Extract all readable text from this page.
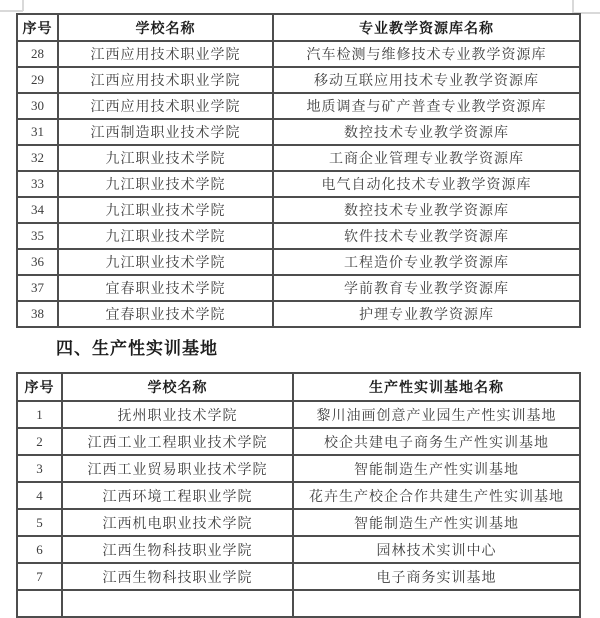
序号	学校名称	专业教学资源库名称
28	江西应用技术职业学院	汽车检测与维修技术专业教学资源库
29	江西应用技术职业学院	移动互联应用技术专业教学资源库
30	江西应用技术职业学院	地质调查与矿产普查专业教学资源库
31	江西制造职业技术学院	数控技术专业教学资源库
32	九江职业技术学院	工商企业管理专业教学资源库
33	九江职业技术学院	电气自动化技术专业教学资源库
34	九江职业技术学院	数控技术专业教学资源库
35	九江职业技术学院	软件技术专业教学资源库
36	九江职业技术学院	工程造价专业教学资源库
37	宜春职业技术学院	学前教育专业教学资源库
38	宜春职业技术学院	护理专业教学资源库
四、生产性实训基地
序号	学校名称	生产性实训基地名称
1	抚州职业技术学院	黎川油画创意产业园生产性实训基地
2	江西工业工程职业技术学院	校企共建电子商务生产性实训基地
3	江西工业贸易职业技术学院	智能制造生产性实训基地
4	江西环境工程职业学院	花卉生产校企合作共建生产性实训基地
5	江西机电职业技术学院	智能制造生产性实训基地
6	江西生物科技职业学院	园林技术实训中心
7	江西生物科技职业学院	电子商务实训基地
